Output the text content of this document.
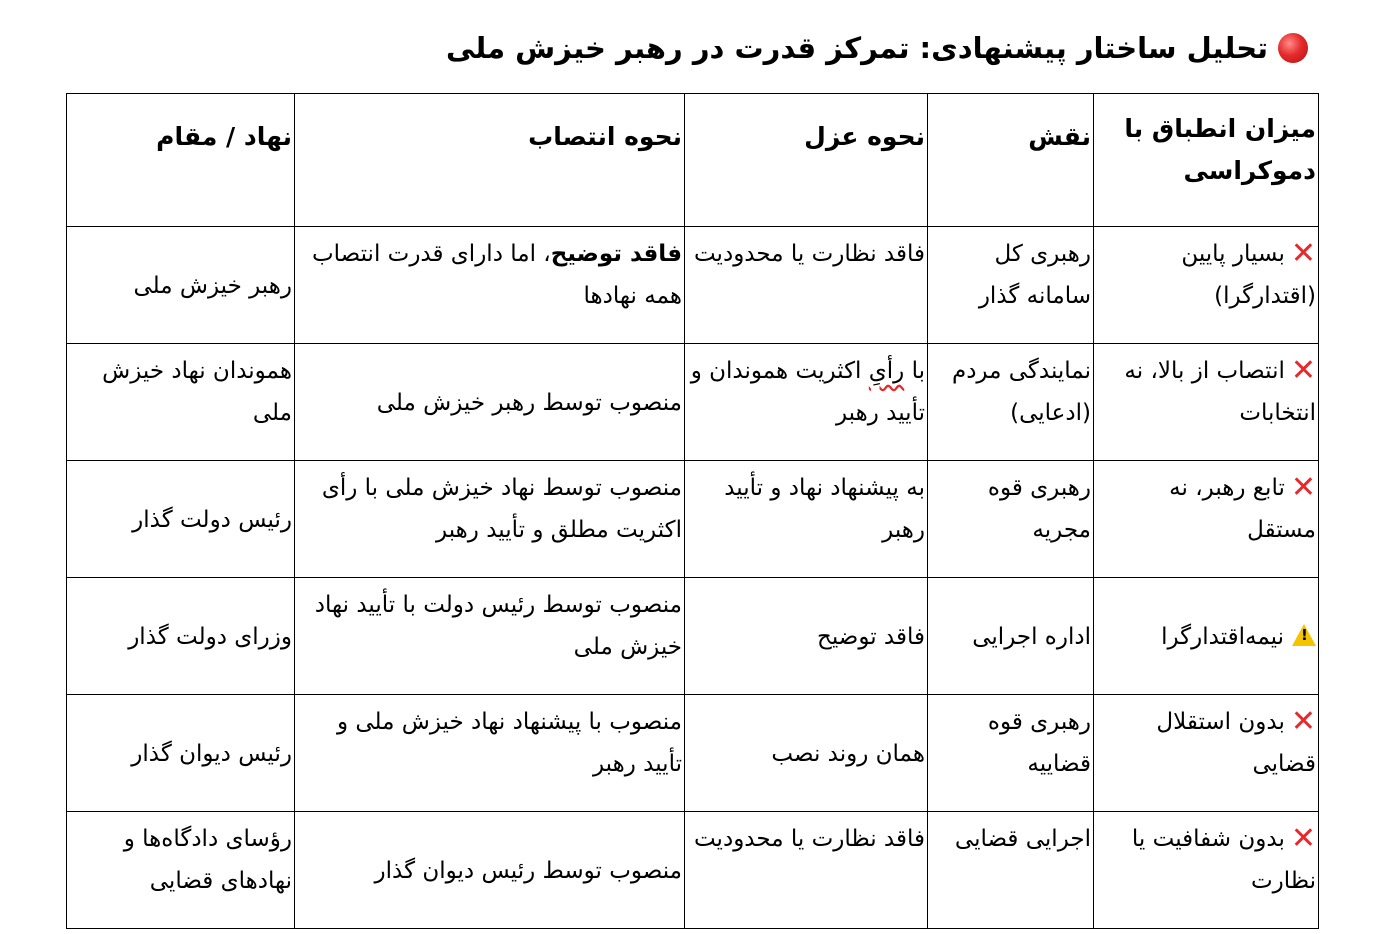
تحلیل ساختار پیشنهادی: تمرکز قدرت در رهبر خیزش ملی
میزان انطباق با دموکراسی	نقش	نحوه عزل	نحوه انتصاب	نهاد / مقام
✕بسیار پایین (اقتدارگرا)	رهبری کل سامانه گذار	فاقد نظارت یا محدودیت	فاقد توضیح، اما دارای قدرت انتصاب همه نهادها	رهبر خیزش ملی
✕انتصاب از بالا، نه انتخابات	نمایندگی مردم (ادعایی)	با رأیِ اکثریت هموندان و تأیید رهبر	منصوب توسط رهبر خیزش ملی	هموندان نهاد خیزش ملی
✕تابع رهبر، نه مستقل	رهبری قوه مجریه	به پیشنهاد نهاد و تأیید رهبر	منصوب توسط نهاد خیزش ملی با رأی اکثریت مطلق و تأیید رهبر	رئیس دولت گذار
!نیمه‌اقتدارگرا	اداره اجرایی	فاقد توضیح	منصوب توسط رئیس دولت با تأیید نهاد خیزش ملی	وزرای دولت گذار
✕بدون استقلال قضایی	رهبری قوه قضاییه	همان روند نصب	منصوب با پیشنهاد نهاد خیزش ملی و تأیید رهبر	رئیس دیوان گذار
✕بدون شفافیت یا نظارت	اجرایی قضایی	فاقد نظارت یا محدودیت	منصوب توسط رئیس دیوان گذار	رؤسای دادگاه‌ها و نهادهای قضایی
